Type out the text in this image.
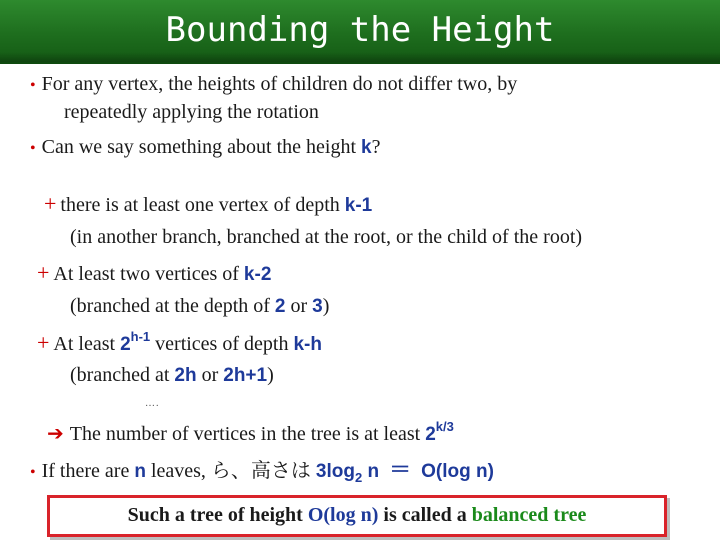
Bounding the Height
• For any vertex, the heights of children do not differ two, by
repeatedly applying the rotation
• Can we say something about the height k?
+ there is at least one vertex of depth k-1
(in another branch, branched at the root, or the child of the root)
+ At least two vertices of k-2
(branched at the depth of 2 or 3)
+ At least 2$^{h-1}$ vertices of depth k-h
(branched at 2h or 2h+1)
….
➔ The number of vertices in the tree is at least $2^{k/3}$
• If there are n leaves, ら、高さは $3\log_2$ n ＝ O(log n)
Such a tree of height O(log n) is called a balanced tree
